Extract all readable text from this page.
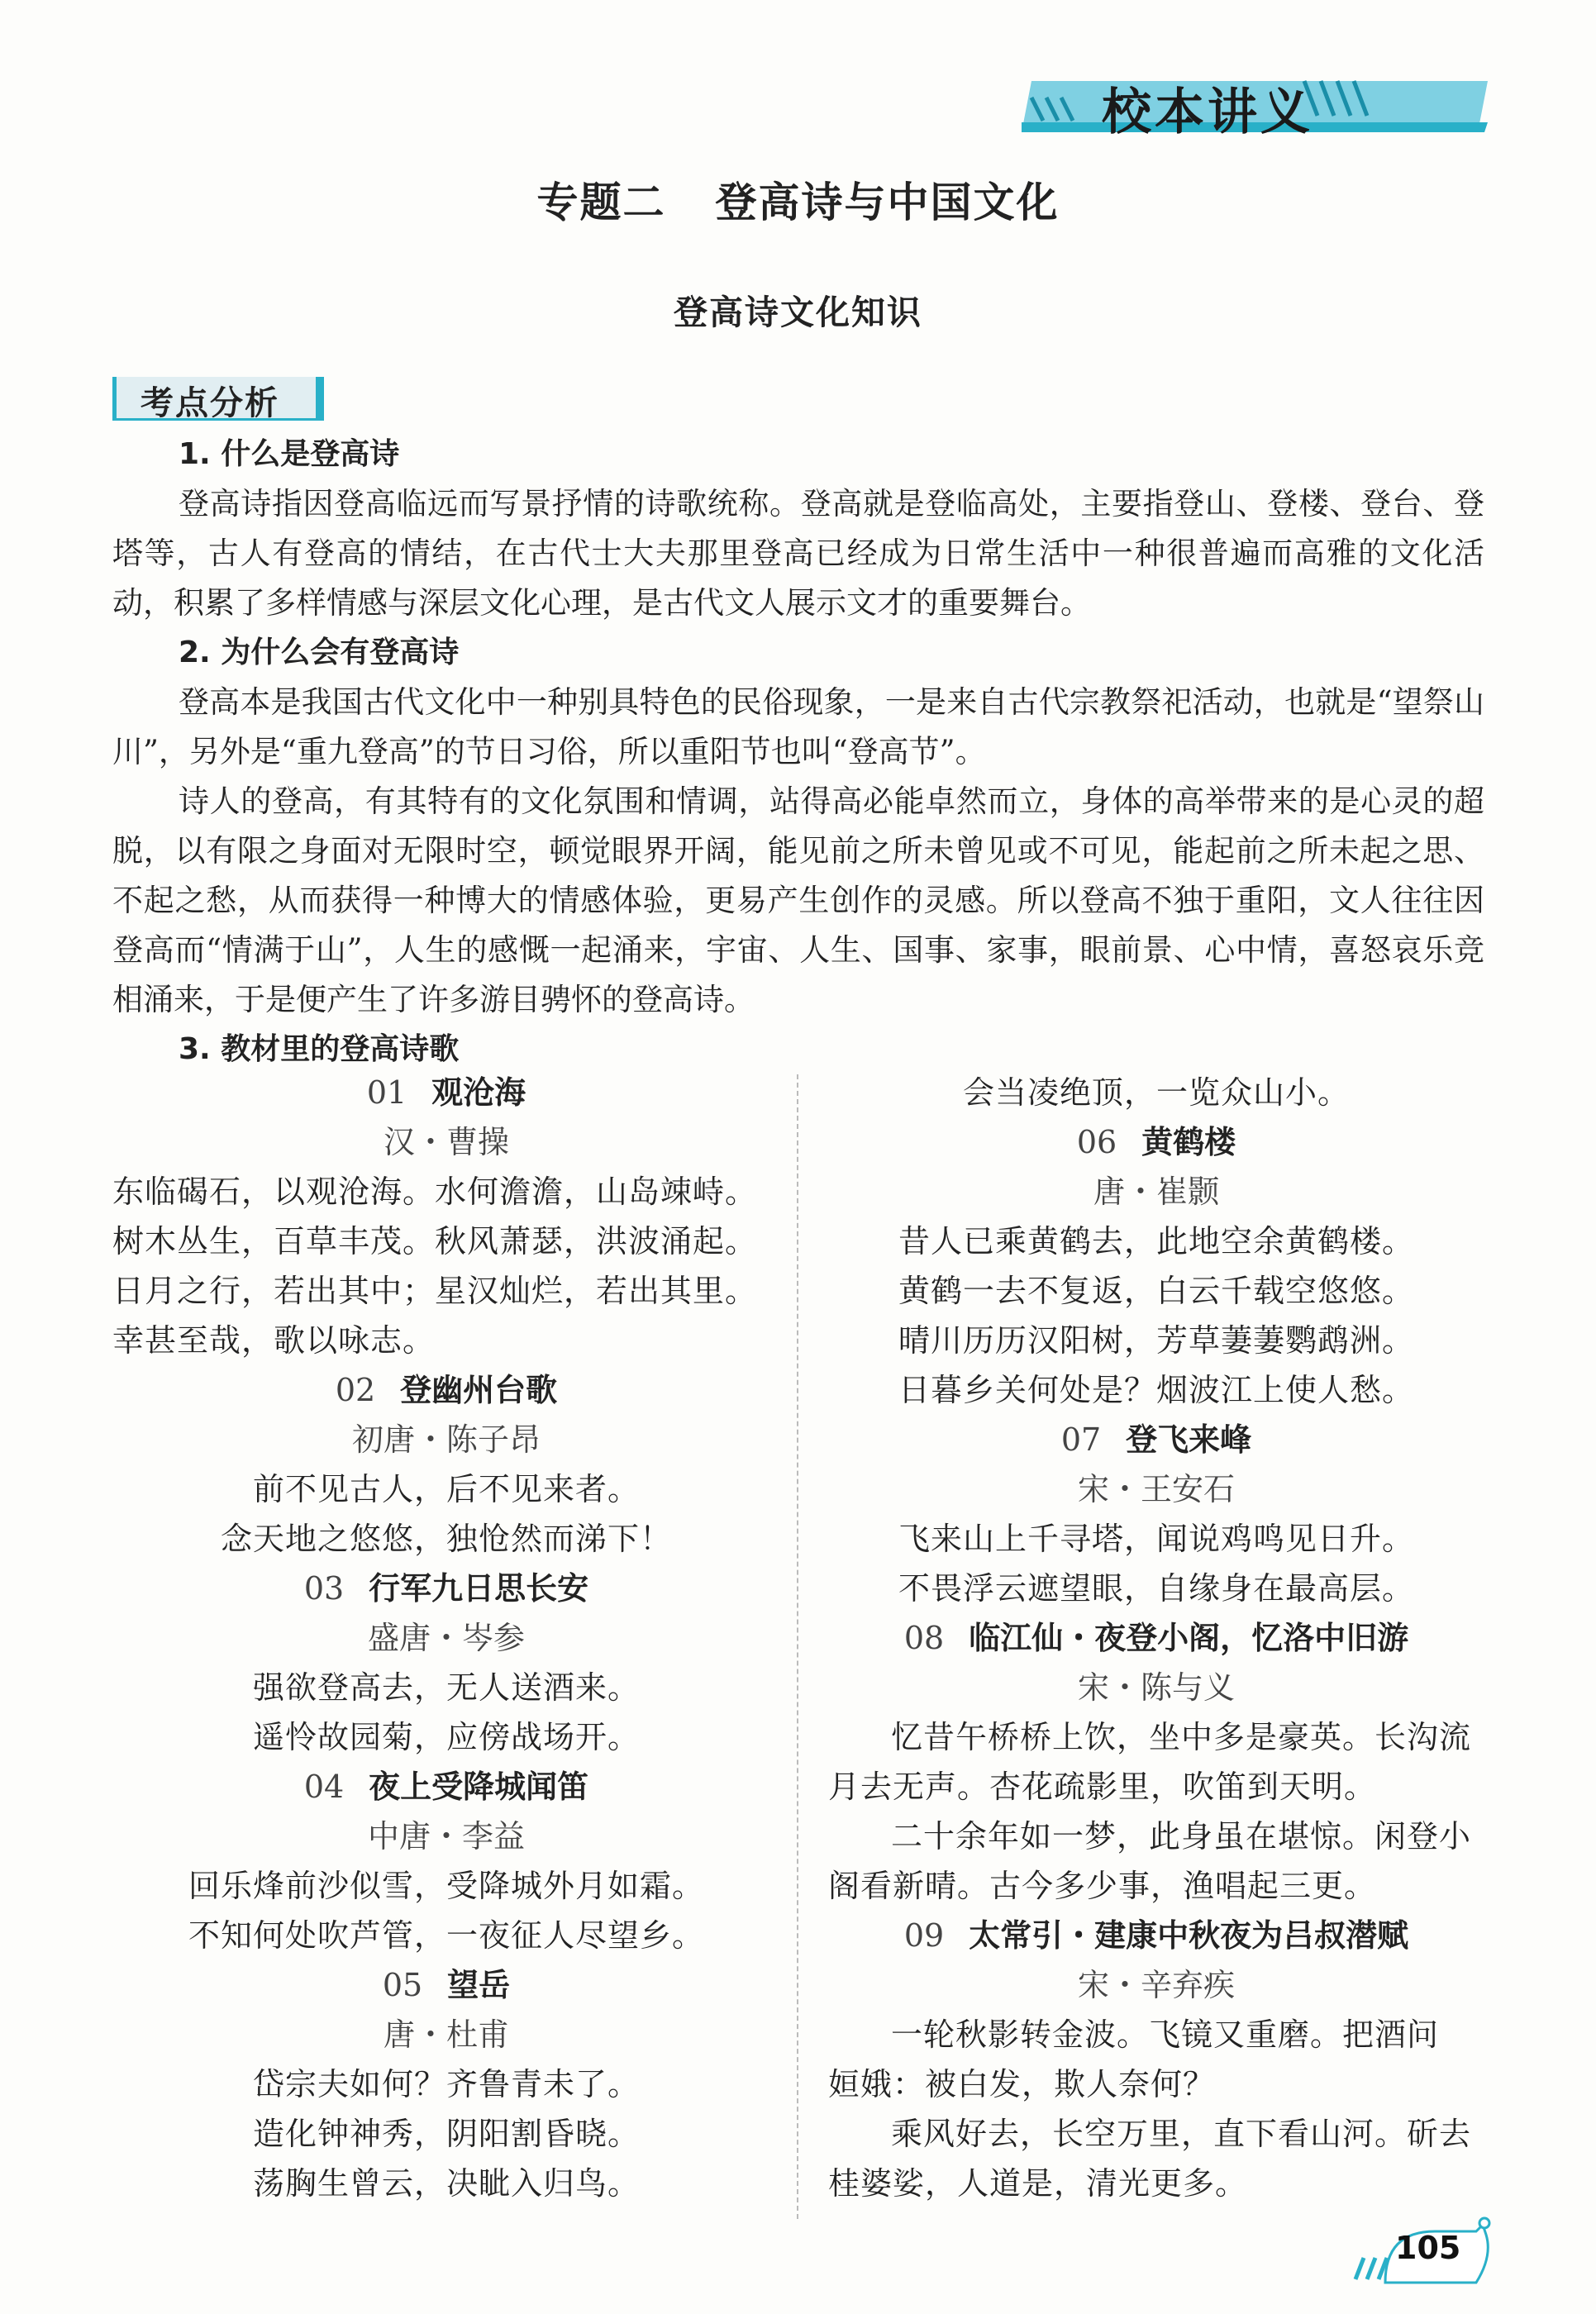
校本讲义
专题二 登高诗与中国文化
登高诗文化知识
考点分析
1. 什么是登高诗
登高诗指因登高临远而写景抒情的诗歌统称。登高就是登临高处，主要指登山、登楼、登台、登塔等，古人有登高的情结，在古代士大夫那里登高已经成为日常生活中一种很普遍而高雅的文化活动，积累了多样情感与深层文化心理，是古代文人展示文才的重要舞台。
2. 为什么会有登高诗
登高本是我国古代文化中一种别具特色的民俗现象，一是来自古代宗教祭祀活动，也就是“望祭山川”，另外是“重九登高”的节日习俗，所以重阳节也叫“登高节”。
诗人的登高，有其特有的文化氛围和情调，站得高必能卓然而立，身体的高举带来的是心灵的超脱，以有限之身面对无限时空，顿觉眼界开阔，能见前之所未曾见或不可见，能起前之所未起之思、不起之愁，从而获得一种博大的情感体验，更易产生创作的灵感。所以登高不独于重阳，文人往往因登高而“情满于山”，人生的感慨一起涌来，宇宙、人生、国事、家事，眼前景、心中情，喜怒哀乐竞相涌来，于是便产生了许多游目骋怀的登高诗。
3. 教材里的登高诗歌
01 观沧海
汉・曹操
东临碣石，以观沧海。水何澹澹，山岛竦峙。
树木丛生，百草丰茂。秋风萧瑟，洪波涌起。
日月之行，若出其中；星汉灿烂，若出其里。
幸甚至哉，歌以咏志。
02 登幽州台歌
初唐・陈子昂
前不见古人，后不见来者。
念天地之悠悠，独怆然而涕下！
03 行军九日思长安
盛唐・岑参
强欲登高去，无人送酒来。
遥怜故园菊，应傍战场开。
04 夜上受降城闻笛
中唐・李益
回乐烽前沙似雪，受降城外月如霜。
不知何处吹芦管，一夜征人尽望乡。
05 望岳
唐・杜甫
岱宗夫如何？齐鲁青未了。
造化钟神秀，阴阳割昏晓。
荡胸生曾云，决眦入归鸟。
会当凌绝顶，一览众山小。
06 黄鹤楼
唐・崔颢
昔人已乘黄鹤去，此地空余黄鹤楼。
黄鹤一去不复返，白云千载空悠悠。
晴川历历汉阳树，芳草萋萋鹦鹉洲。
日暮乡关何处是？烟波江上使人愁。
07 登飞来峰
宋・王安石
飞来山上千寻塔，闻说鸡鸣见日升。
不畏浮云遮望眼，自缘身在最高层。
08 临江仙・夜登小阁，忆洛中旧游
宋・陈与义
忆昔午桥桥上饮，坐中多是豪英。长沟流
月去无声。杏花疏影里，吹笛到天明。
二十余年如一梦，此身虽在堪惊。闲登小
阁看新晴。古今多少事，渔唱起三更。
09 太常引・建康中秋夜为吕叔潜赋
宋・辛弃疾
一轮秋影转金波。飞镜又重磨。把酒问
姮娥：被白发，欺人奈何？
乘风好去，长空万里，直下看山河。斫去
桂婆娑，人道是，清光更多。
105
